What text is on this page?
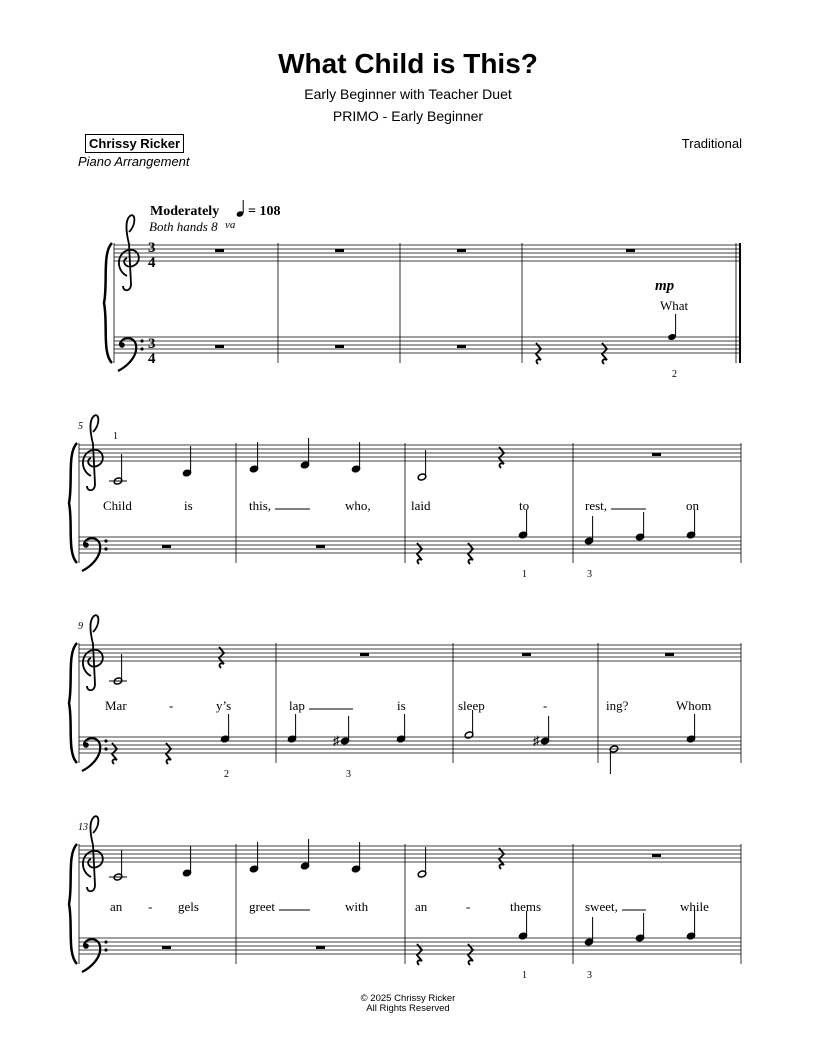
What Child is This?
Early Beginner with Teacher Duet
PRIMO - Early Beginner
Chrissy Ricker
Piano Arrangement
Traditional
Moderately = 108
Both hands 8 va
3
4
3
4
mp
What
2
5
1
Child	is	this,	who,	laid	to	rest,	on
1	3
9
♯	♯
Mar	-	y’s	lap	is	sleep	-	ing?	Whom
2	3
13
an - gels	greet	with	an	-	thems	sweet,	while
1	3
© 2025 Chrissy Ricker
All Rights Reserved
